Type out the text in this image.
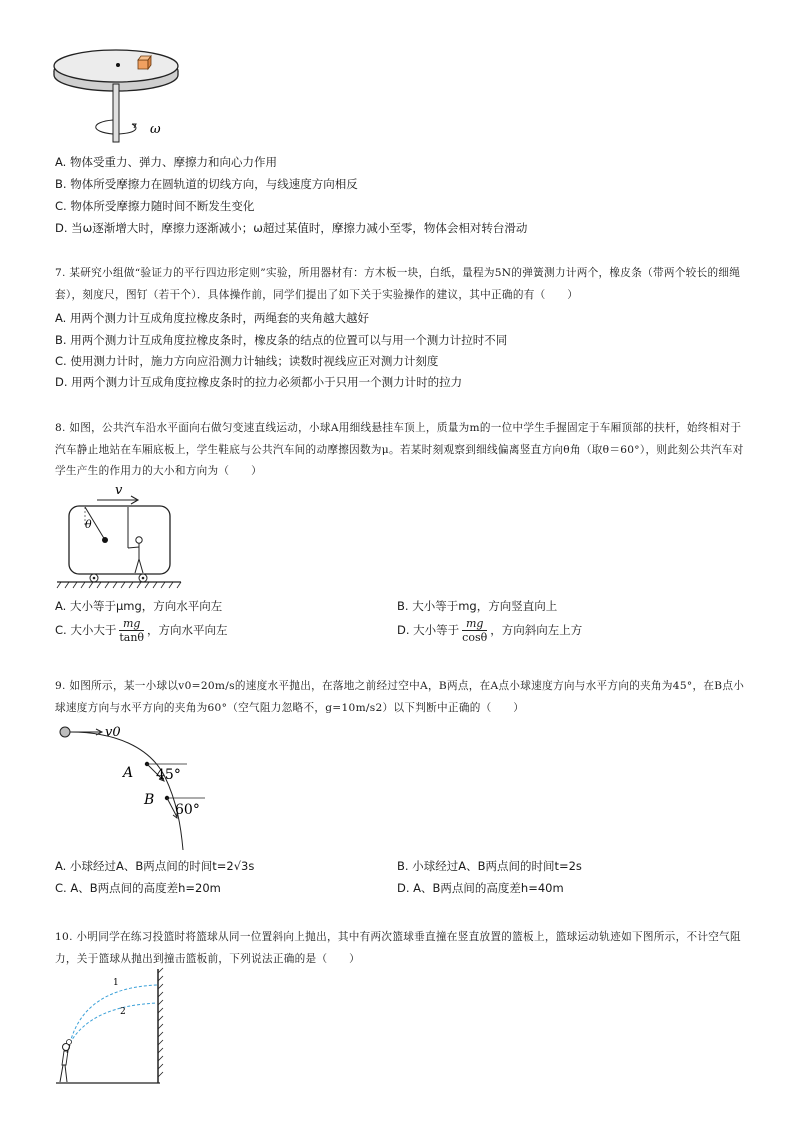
ω
A. 物体受重力、弹力、摩擦力和向心力作用
B. 物体所受摩擦力在圆轨道的切线方向，与线速度方向相反
C. 物体所受摩擦力随时间不断发生变化
D. 当ω逐渐增大时，摩擦力逐渐减小；ω超过某值时，摩擦力减小至零，物体会相对转台滑动
7. 某研究小组做“验证力的平行四边形定则”实验，所用器材有：方木板一块，白纸，量程为5N的弹簧测力计两个，橡皮条（带两个较长的细绳套），刻度尺，图钉（若干个）．具体操作前，同学们提出了如下关于实验操作的建议，其中正确的有（　　）
A. 用两个测力计互成角度拉橡皮条时，两绳套的夹角越大越好
B. 用两个测力计互成角度拉橡皮条时，橡皮条的结点的位置可以与用一个测力计拉时不同
C. 使用测力计时，施力方向应沿测力计轴线；读数时视线应正对测力计刻度
D. 用两个测力计互成角度拉橡皮条时的拉力必须都小于只用一个测力计时的拉力
8. 如图，公共汽车沿水平面向右做匀变速直线运动，小球A用细线悬挂车顶上，质量为m的一位中学生手握固定于车厢顶部的扶杆，始终相对于汽车静止地站在车厢底板上，学生鞋底与公共汽车间的动摩擦因数为μ。若某时刻观察到细线偏离竖直方向θ角（取θ＝60°），则此刻公共汽车对学生产生的作用力的大小和方向为（　　）
v
θ
A. 大小等于μmg，方向水平向左	B. 大小等于mg，方向竖直向上
C. 大小大于 $\frac{mg}{\tan\theta}$ ，方向水平向左	D. 大小等于 $\frac{mg}{\cos\theta}$ ，方向斜向左上方
9. 如图所示，某一小球以v0=20m/s的速度水平抛出，在落地之前经过空中A，B两点，在A点小球速度方向与水平方向的夹角为45°，在B点小球速度方向与水平方向的夹角为60°（空气阻力忽略不，g=10m/s2）以下判断中正确的（　　）
v0
A 45°
B
60°
A. 小球经过A、B两点间的时间t=2√3s	B. 小球经过A、B两点间的时间t=2s
C. A、B两点间的高度差h=20m	D. A、B两点间的高度差h=40m
10. 小明同学在练习投篮时将篮球从同一位置斜向上抛出，其中有两次篮球垂直撞在竖直放置的篮板上，篮球运动轨迹如下图所示，不计空气阻力，关于篮球从抛出到撞击篮板前，下列说法正确的是（　　）
1
2
